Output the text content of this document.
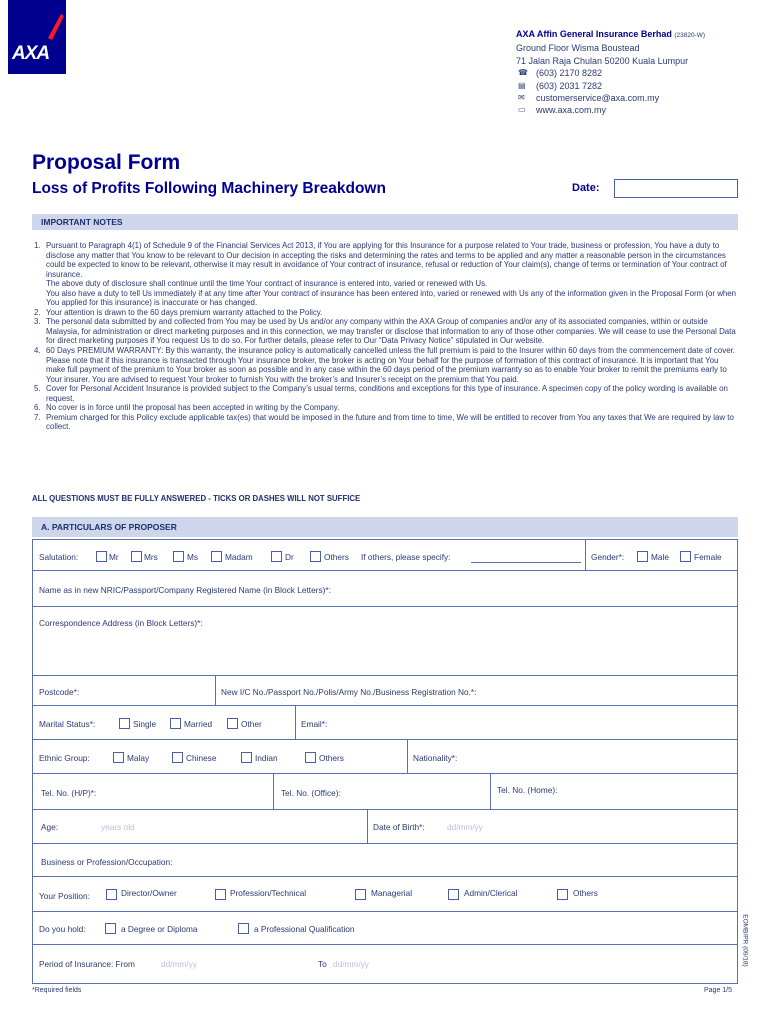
AXA
AXA Affin General Insurance Berhad (23820-W)
Ground Floor Wisma Boustead
71 Jalan Raja Chulan 50200 Kuala Lumpur
☎ (603) 2170 8282
▤	(603) 2031 7282
✉	customerservice@axa.com.my
▭	www.axa.com.my
Proposal Form
Loss of Profits Following Machinery Breakdown	Date:
IMPORTANT NOTES
1. Pursuant to Paragraph 4(1) of Schedule 9 of the Financial Services Act 2013, if You are applying for this Insurance for a purpose related to Your trade, business or profession, You have a duty to disclose any matter that You know to be relevant to Our decision in accepting the risks and determining the rates and terms to be applied and any matter a reasonable person in the circumstances could be expected to know to be relevant, otherwise it may result in avoidance of Your contract of insurance, refusal or reduction of Your claim(s), change of terms or termination of Your contract of insurance.
The above duty of disclosure shall continue until the time Your contract of insurance is entered into, varied or renewed with Us.
You also have a duty to tell Us immediately if at any time after Your contract of insurance has been entered into, varied or renewed with Us any of the information given in the Proposal Form (or when You applied for this insurance) is inaccurate or has changed.
2. Your attention is drawn to the 60 days premium warranty attached to the Policy.
3. The personal data submitted by and collected from You may be used by Us and/or any company within the AXA Group of companies and/or any of its associated companies, within or outside Malaysia, for administration or direct marketing purposes and in this connection, we may transfer or disclose that information to any of those other companies. We will cease to use the Personal Data for direct marketing purposes if You request Us to do so. For further details, please refer to Our “Data Privacy Notice” stipulated in Our website.
4. 60 Days PREMIUM WARRANTY: By this warranty, the insurance policy is automatically cancelled unless the full premium is paid to the Insurer within 60 days from the commencement date of cover. Please note that if this insurance is transacted through Your insurance broker, the broker is acting on Your behalf for the purpose of formation of this contract of insurance. It is important that You make full payment of the premium to Your broker as soon as possible and in any case within the 60 days period of the premium warranty so as to enable Your broker to remit the premiums early to Your insurer. You are advised to request Your broker to furnish You with the broker’s and Insurer’s receipt on the premium that You paid.
5. Cover for Personal Accident Insurance is provided subject to the Company’s usual terms, conditions and exceptions for this type of insurance. A specimen copy of the policy wording is available on request.
6. No cover is in force until the proposal has been accepted in writing by the Company.
7. Premium charged for this Policy exclude applicable tax(es) that would be imposed in the future and from time to time, We will be entitled to recover from You any taxes that We are required by law to collect.
ALL QUESTIONS MUST BE FULLY ANSWERED - TICKS OR DASHES WILL NOT SUFFICE
A. PARTICULARS OF PROPOSER
Salutation:	Mr	Mrs	Ms	Madam	Dr	Others If others, please specify:	Gender*:	Male	Female
Name as in new NRIC/Passport/Company Registered Name (in Block Letters)*:
Correspondence Address (in Block Letters)*:
Postcode*:	New I/C No./Passport No./Polis/Army No./Business Registration No.*:
Marital Status*:	Single	Married	Other	Email*:
Ethnic Group:	Malay	Chinese	Indian	Others	Nationality*:
Tel. No. (H/P)*:	Tel. No. (Office):	Tel. No. (Home):
Age:	years old	Date of Birth*:	dd/mm/yy
Business or Profession/Occupation:
Your Position:	Director/Owner	Profession/Technical	Managerial	Admin/Clerical	Others
Do you hold:	a Degree or Diploma	a Professional Qualification
Period of Insurance: From	dd/mm/yy	To dd/mm/yy	EOMB/PR (09/18)
*Required fields	Page 1/5
